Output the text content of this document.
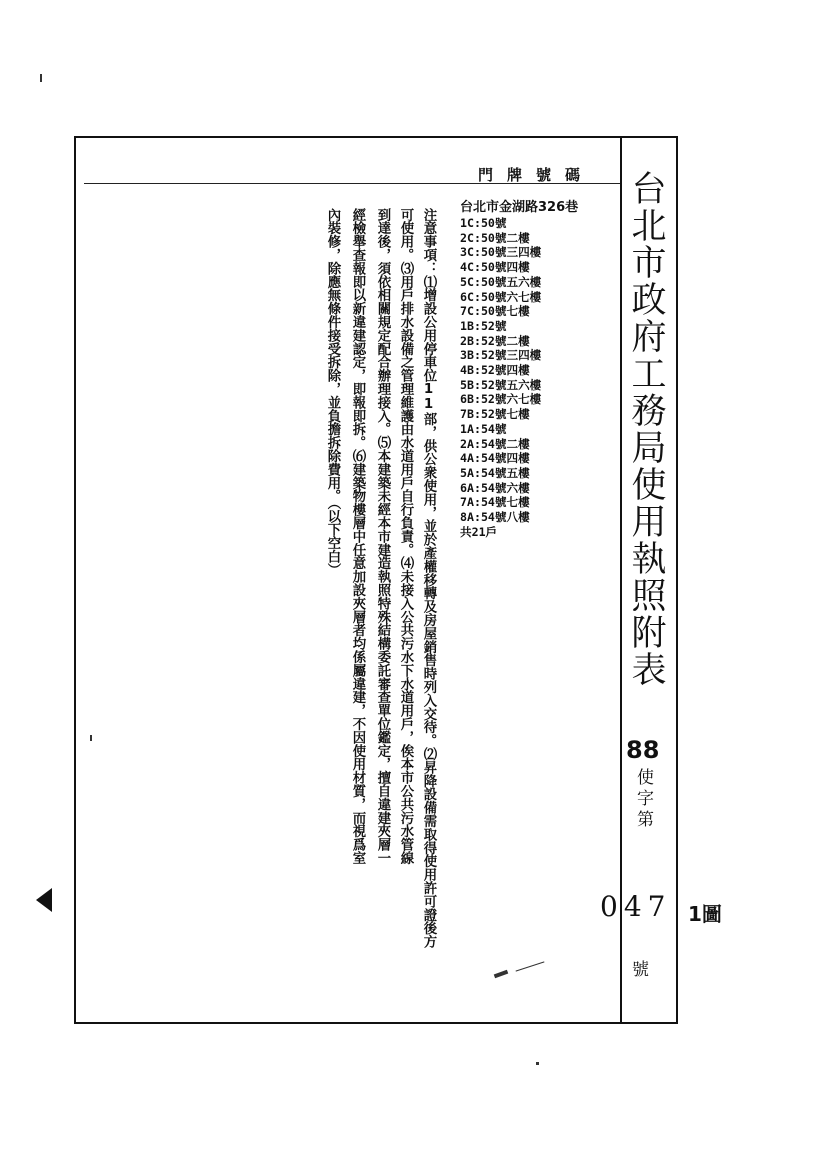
門牌號碼 台北市政府工務局使用執照附表
88
使字第
047
號
1圖
台北市金湖路326巷
1C:50號
2C:50號二樓
3C:50號三四樓
4C:50號四樓
5C:50號五六樓
6C:50號六七樓
7C:50號七樓
1B:52號
2B:52號二樓
3B:52號三四樓
4B:52號四樓
5B:52號五六樓
6B:52號六七樓
7B:52號七樓
1A:54號
2A:54號二樓
4A:54號四樓
5A:54號五樓
6A:54號六樓
7A:54號七樓
8A:54號八樓
共21戶
注意事項：⑴增設公用停車位11部，供公衆使用，並於產權移轉及房屋銷售時列入交待。⑵昇降設備需取得使用許可證後方
可使用。⑶用戶排水設備之管理維護由水道用戶自行負責。⑷未接入公共污水下水道用戶，俟本市公共污水管線
到達後，須依相關規定配合辦理接入。⑸本建築未經本市建造執照特殊結構委託審查單位鑑定，擅自違建夾層一
經檢舉查報即以新違建認定，即報即拆。⑹建築物樓層中任意加設夾層者均係屬違建，不因使用材質，而視爲室
內裝修，除應無條件接受拆除，並負擔拆除費用。（以下空白）
